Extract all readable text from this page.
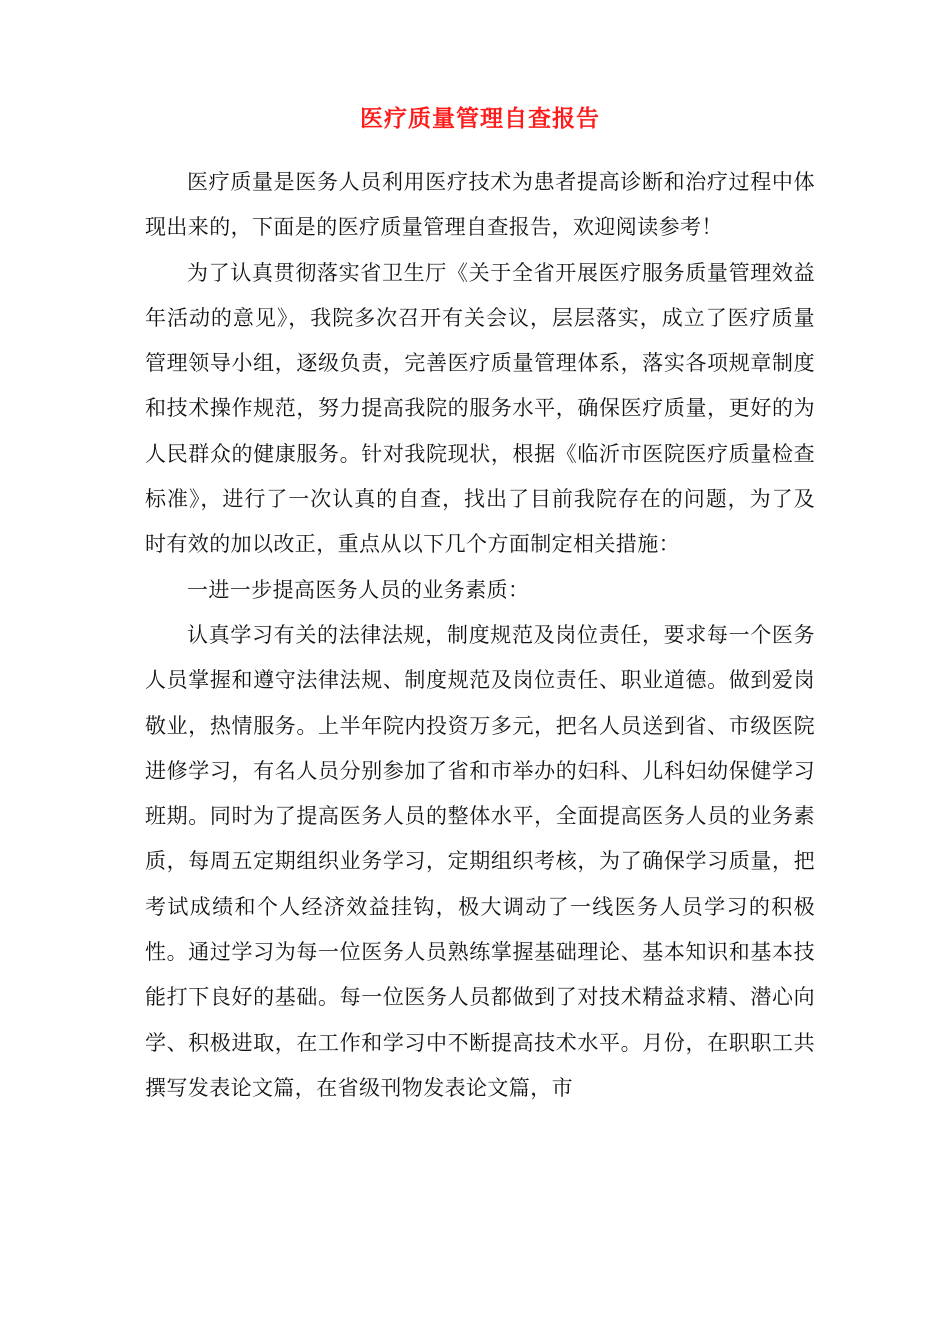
医疗质量管理自查报告

医疗质量是医务人员利用医疗技术为患者提高诊断和治疗过程中体现出来的，下面是的医疗质量管理自查报告，欢迎阅读参考！

为了认真贯彻落实省卫生厅《关于全省开展医疗服务质量管理效益年活动的意见》，我院多次召开有关会议，层层落实，成立了医疗质量管理领导小组，逐级负责，完善医疗质量管理体系，落实各项规章制度和技术操作规范，努力提高我院的服务水平，确保医疗质量，更好的为人民群众的健康服务。针对我院现状，根据《临沂市医院医疗质量检查标准》，进行了一次认真的自查，找出了目前我院存在的问题，为了及时有效的加以改正，重点从以下几个方面制定相关措施：

一进一步提高医务人员的业务素质：

认真学习有关的法律法规，制度规范及岗位责任，要求每一个医务人员掌握和遵守法律法规、制度规范及岗位责任、职业道德。做到爱岗敬业，热情服务。上半年院内投资万多元，把名人员送到省、市级医院进修学习，有名人员分别参加了省和市举办的妇科、儿科妇幼保健学习班期。同时为了提高医务人员的整体水平，全面提高医务人员的业务素质，每周五定期组织业务学习，定期组织考核，为了确保学习质量，把考试成绩和个人经济效益挂钩，极大调动了一线医务人员学习的积极性。通过学习为每一位医务人员熟练掌握基础理论、基本知识和基本技能打下良好的基础。每一位医务人员都做到了对技术精益求精、潜心向学、积极进取，在工作和学习中不断提高技术水平。月份，在职职工共撰写发表论文篇，在省级刊物发表论文篇，市
